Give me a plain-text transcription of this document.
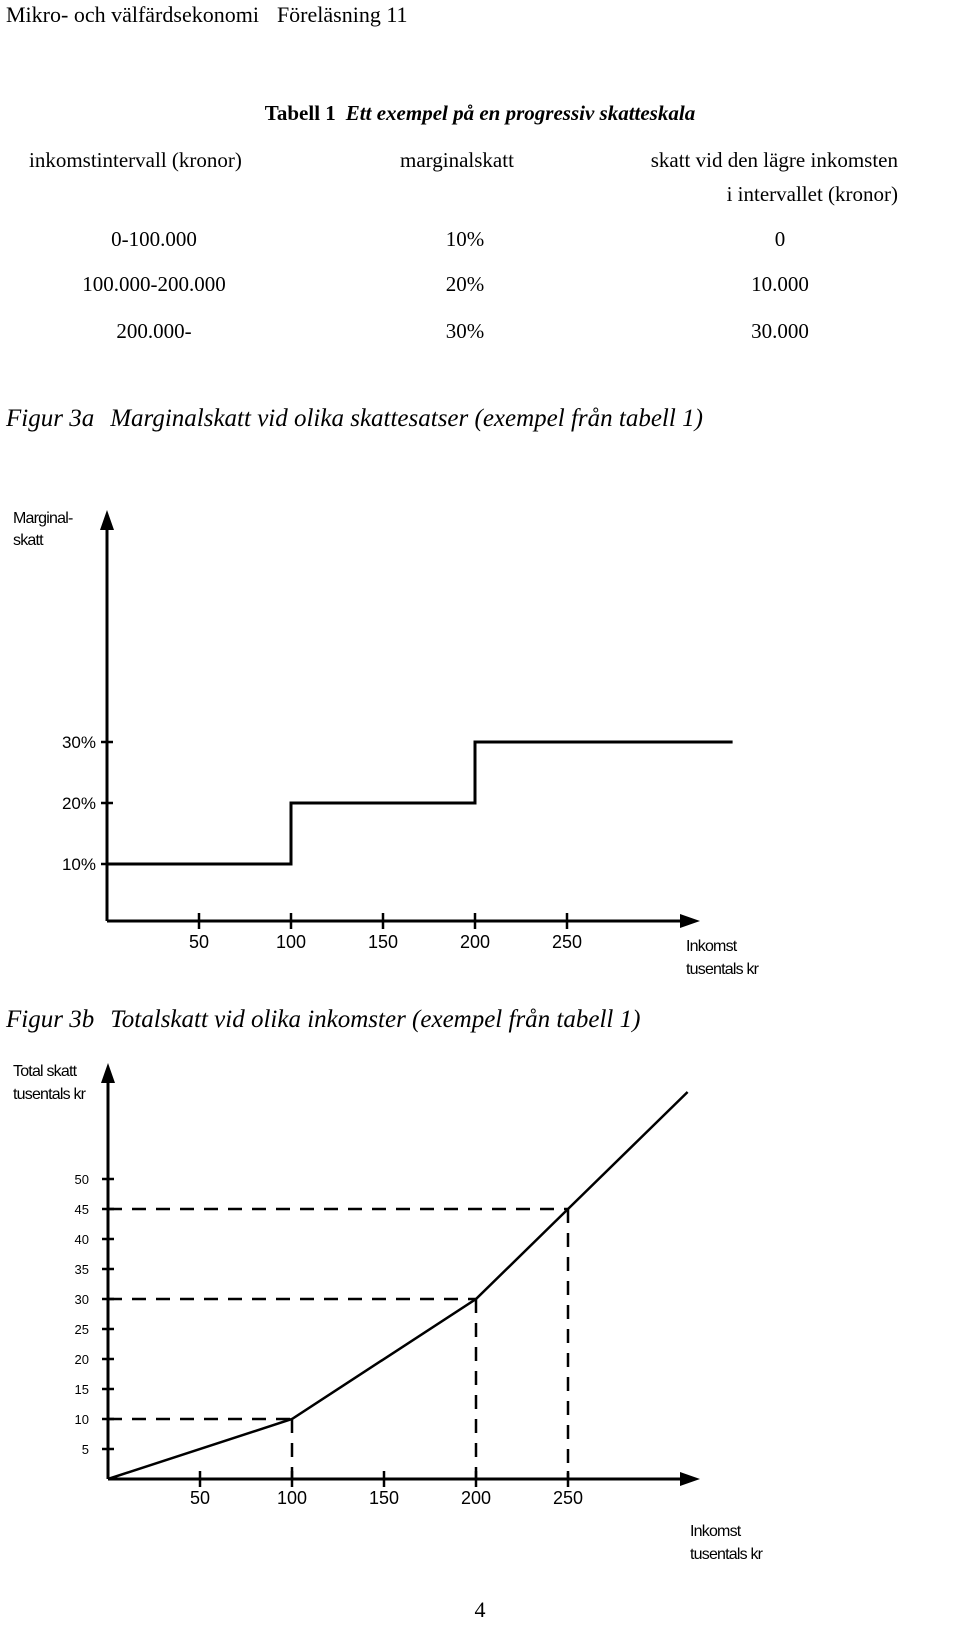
Mikro- och välfärdsekonomi Föreläsning 11
Tabell 1 Ett exempel på en progressiv skatteskala
inkomstintervall (kronor)	marginalskatt	skatt vid den lägre inkomsten
i intervallet (kronor)
0-100.000	10%	0
100.000-200.000	20%	10.000
200.000-	30%	30.000
Figur 3a Marginalskatt vid olika skattesatser (exempel från tabell 1)
Figur 3b Totalskatt vid olika inkomster (exempel från tabell 1)
Marginal-
skatt
Inkomst
tusentals kr
50	100	150	200	250
10%
20%
30%
Total skatt
tusentals kr
Inkomst
tusentals kr
50	100	150	200	250
5
10
15
20
25
30
35
40
45
50
4
